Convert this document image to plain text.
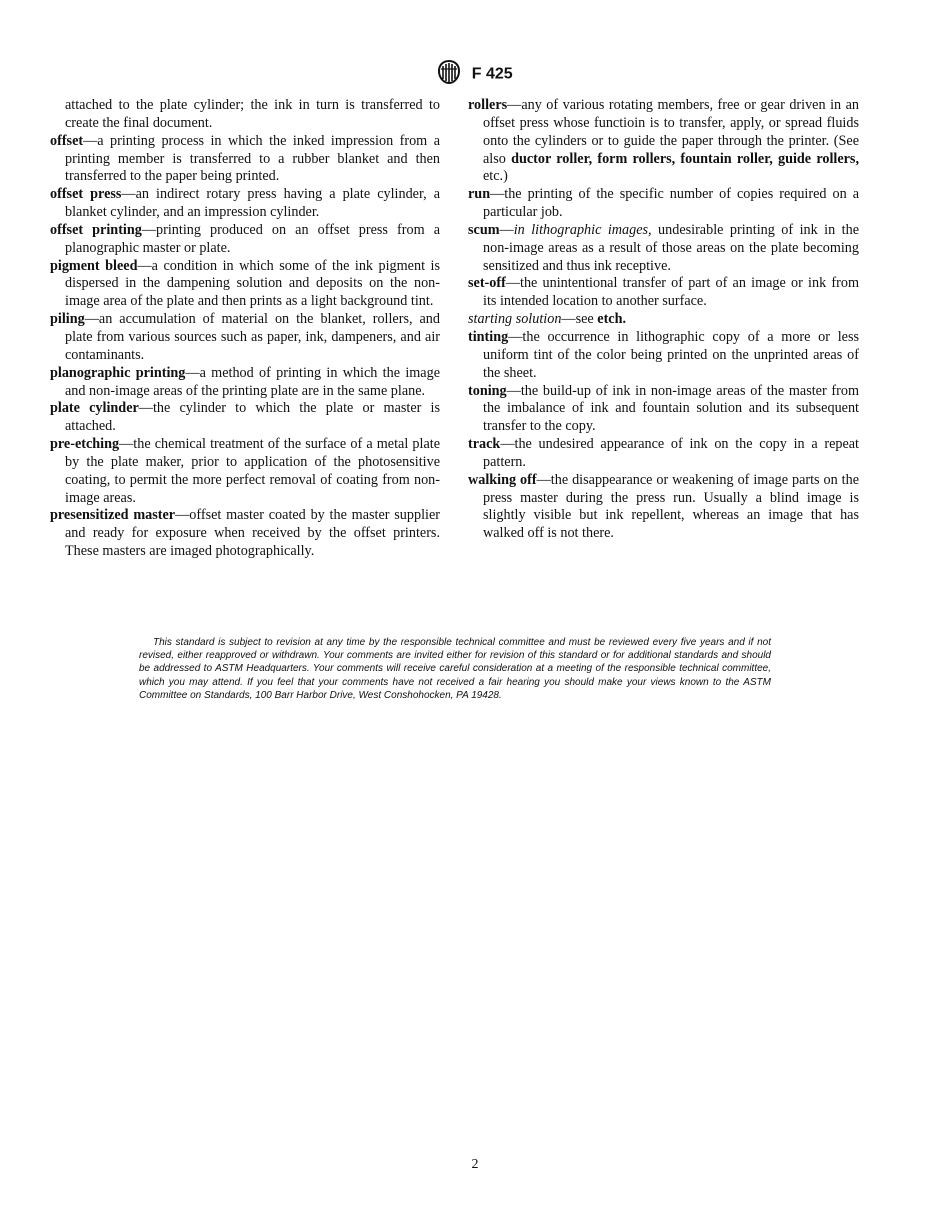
F 425

attached to the plate cylinder; the ink in turn is transferred to create the final document.

offset—a printing process in which the inked impression from a printing member is transferred to a rubber blanket and then transferred to the paper being printed.

offset press—an indirect rotary press having a plate cylinder, a blanket cylinder, and an impression cylinder.

offset printing—printing produced on an offset press from a planographic master or plate.

pigment bleed—a condition in which some of the ink pigment is dispersed in the dampening solution and deposits on the non-image area of the plate and then prints as a light background tint.

piling—an accumulation of material on the blanket, rollers, and plate from various sources such as paper, ink, dampeners, and air contaminants.

planographic printing—a method of printing in which the image and non-image areas of the printing plate are in the same plane.

plate cylinder—the cylinder to which the plate or master is attached.

pre-etching—the chemical treatment of the surface of a metal plate by the plate maker, prior to application of the photosensitive coating, to permit the more perfect removal of coating from non-image areas.

presensitized master—offset master coated by the master supplier and ready for exposure when received by the offset printers. These masters are imaged photographically.

rollers—any of various rotating members, free or gear driven in an offset press whose functioin is to transfer, apply, or spread fluids onto the cylinders or to guide the paper through the printer. (See also ductor roller, form rollers, fountain roller, guide rollers, etc.)

run—the printing of the specific number of copies required on a particular job.

scum—in lithographic images, undesirable printing of ink in the non-image areas as a result of those areas on the plate becoming sensitized and thus ink receptive.

set-off—the unintentional transfer of part of an image or ink from its intended location to another surface.

starting solution—see etch.

tinting—the occurrence in lithographic copy of a more or less uniform tint of the color being printed on the unprinted areas of the sheet.

toning—the build-up of ink in non-image areas of the master from the imbalance of ink and fountain solution and its subsequent transfer to the copy.

track—the undesired appearance of ink on the copy in a repeat pattern.

walking off—the disappearance or weakening of image parts on the press master during the press run. Usually a blind image is slightly visible but ink repellent, whereas an image that has walked off is not there.

This standard is subject to revision at any time by the responsible technical committee and must be reviewed every five years and if not revised, either reapproved or withdrawn. Your comments are invited either for revision of this standard or for additional standards and should be addressed to ASTM Headquarters. Your comments will receive careful consideration at a meeting of the responsible technical committee, which you may attend. If you feel that your comments have not received a fair hearing you should make your views known to the ASTM Committee on Standards, 100 Barr Harbor Drive, West Conshohocken, PA 19428.
2
